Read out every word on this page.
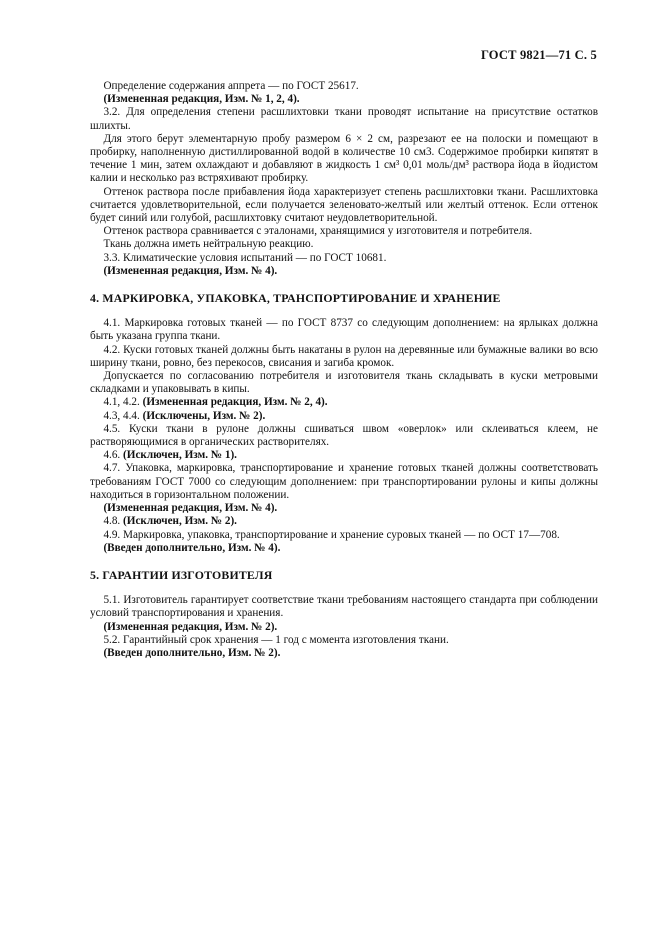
ГОСТ 9821—71 С. 5

Определение содержания аппрета — по ГОСТ 25617.

(Измененная редакция, Изм. № 1, 2, 4).

3.2. Для определения степени расшлихтовки ткани проводят испытание на присутствие остатков шлихты.

Для этого берут элементарную пробу размером 6 × 2 см, разрезают ее на полоски и помещают в пробирку, наполненную дистиллированной водой в количестве 10 см3. Содержимое пробирки кипятят в течение 1 мин, затем охлаждают и добавляют в жидкость 1 см³ 0,01 моль/дм³ раствора йода в йодистом калии и несколько раз встряхивают пробирку.

Оттенок раствора после прибавления йода характеризует степень расшлихтовки ткани. Расшлихтовка считается удовлетворительной, если получается зеленовато-желтый или желтый оттенок. Если оттенок будет синий или голубой, расшлихтовку считают неудовлетворительной.

Оттенок раствора сравнивается с эталонами, хранящимися у изготовителя и потребителя.

Ткань должна иметь нейтральную реакцию.

3.3. Климатические условия испытаний — по ГОСТ 10681.

(Измененная редакция, Изм. № 4).

4. МАРКИРОВКА, УПАКОВКА, ТРАНСПОРТИРОВАНИЕ И ХРАНЕНИЕ

4.1. Маркировка готовых тканей — по ГОСТ 8737 со следующим дополнением: на ярлыках должна быть указана группа ткани.

4.2. Куски готовых тканей должны быть накатаны в рулон на деревянные или бумажные валики во всю ширину ткани, ровно, без перекосов, свисания и загиба кромок.

Допускается по согласованию потребителя и изготовителя ткань складывать в куски метровыми складками и упаковывать в кипы.

4.1, 4.2. (Измененная редакция, Изм. № 2, 4).

4.3, 4.4. (Исключены, Изм. № 2).

4.5. Куски ткани в рулоне должны сшиваться швом «оверлок» или склеиваться клеем, не растворяющимися в органических растворителях.

4.6. (Исключен, Изм. № 1).

4.7. Упаковка, маркировка, транспортирование и хранение готовых тканей должны соответствовать требованиям ГОСТ 7000 со следующим дополнением: при транспортировании рулоны и кипы должны находиться в горизонтальном положении.

(Измененная редакция, Изм. № 4).

4.8. (Исключен, Изм. № 2).

4.9. Маркировка, упаковка, транспортирование и хранение суровых тканей — по ОСТ 17—708.

(Введен дополнительно, Изм. № 4).

5. ГАРАНТИИ ИЗГОТОВИТЕЛЯ

5.1. Изготовитель гарантирует соответствие ткани требованиям настоящего стандарта при соблюдении условий транспортирования и хранения.

(Измененная редакция, Изм. № 2).

5.2. Гарантийный срок хранения — 1 год с момента изготовления ткани.

(Введен дополнительно, Изм. № 2).
